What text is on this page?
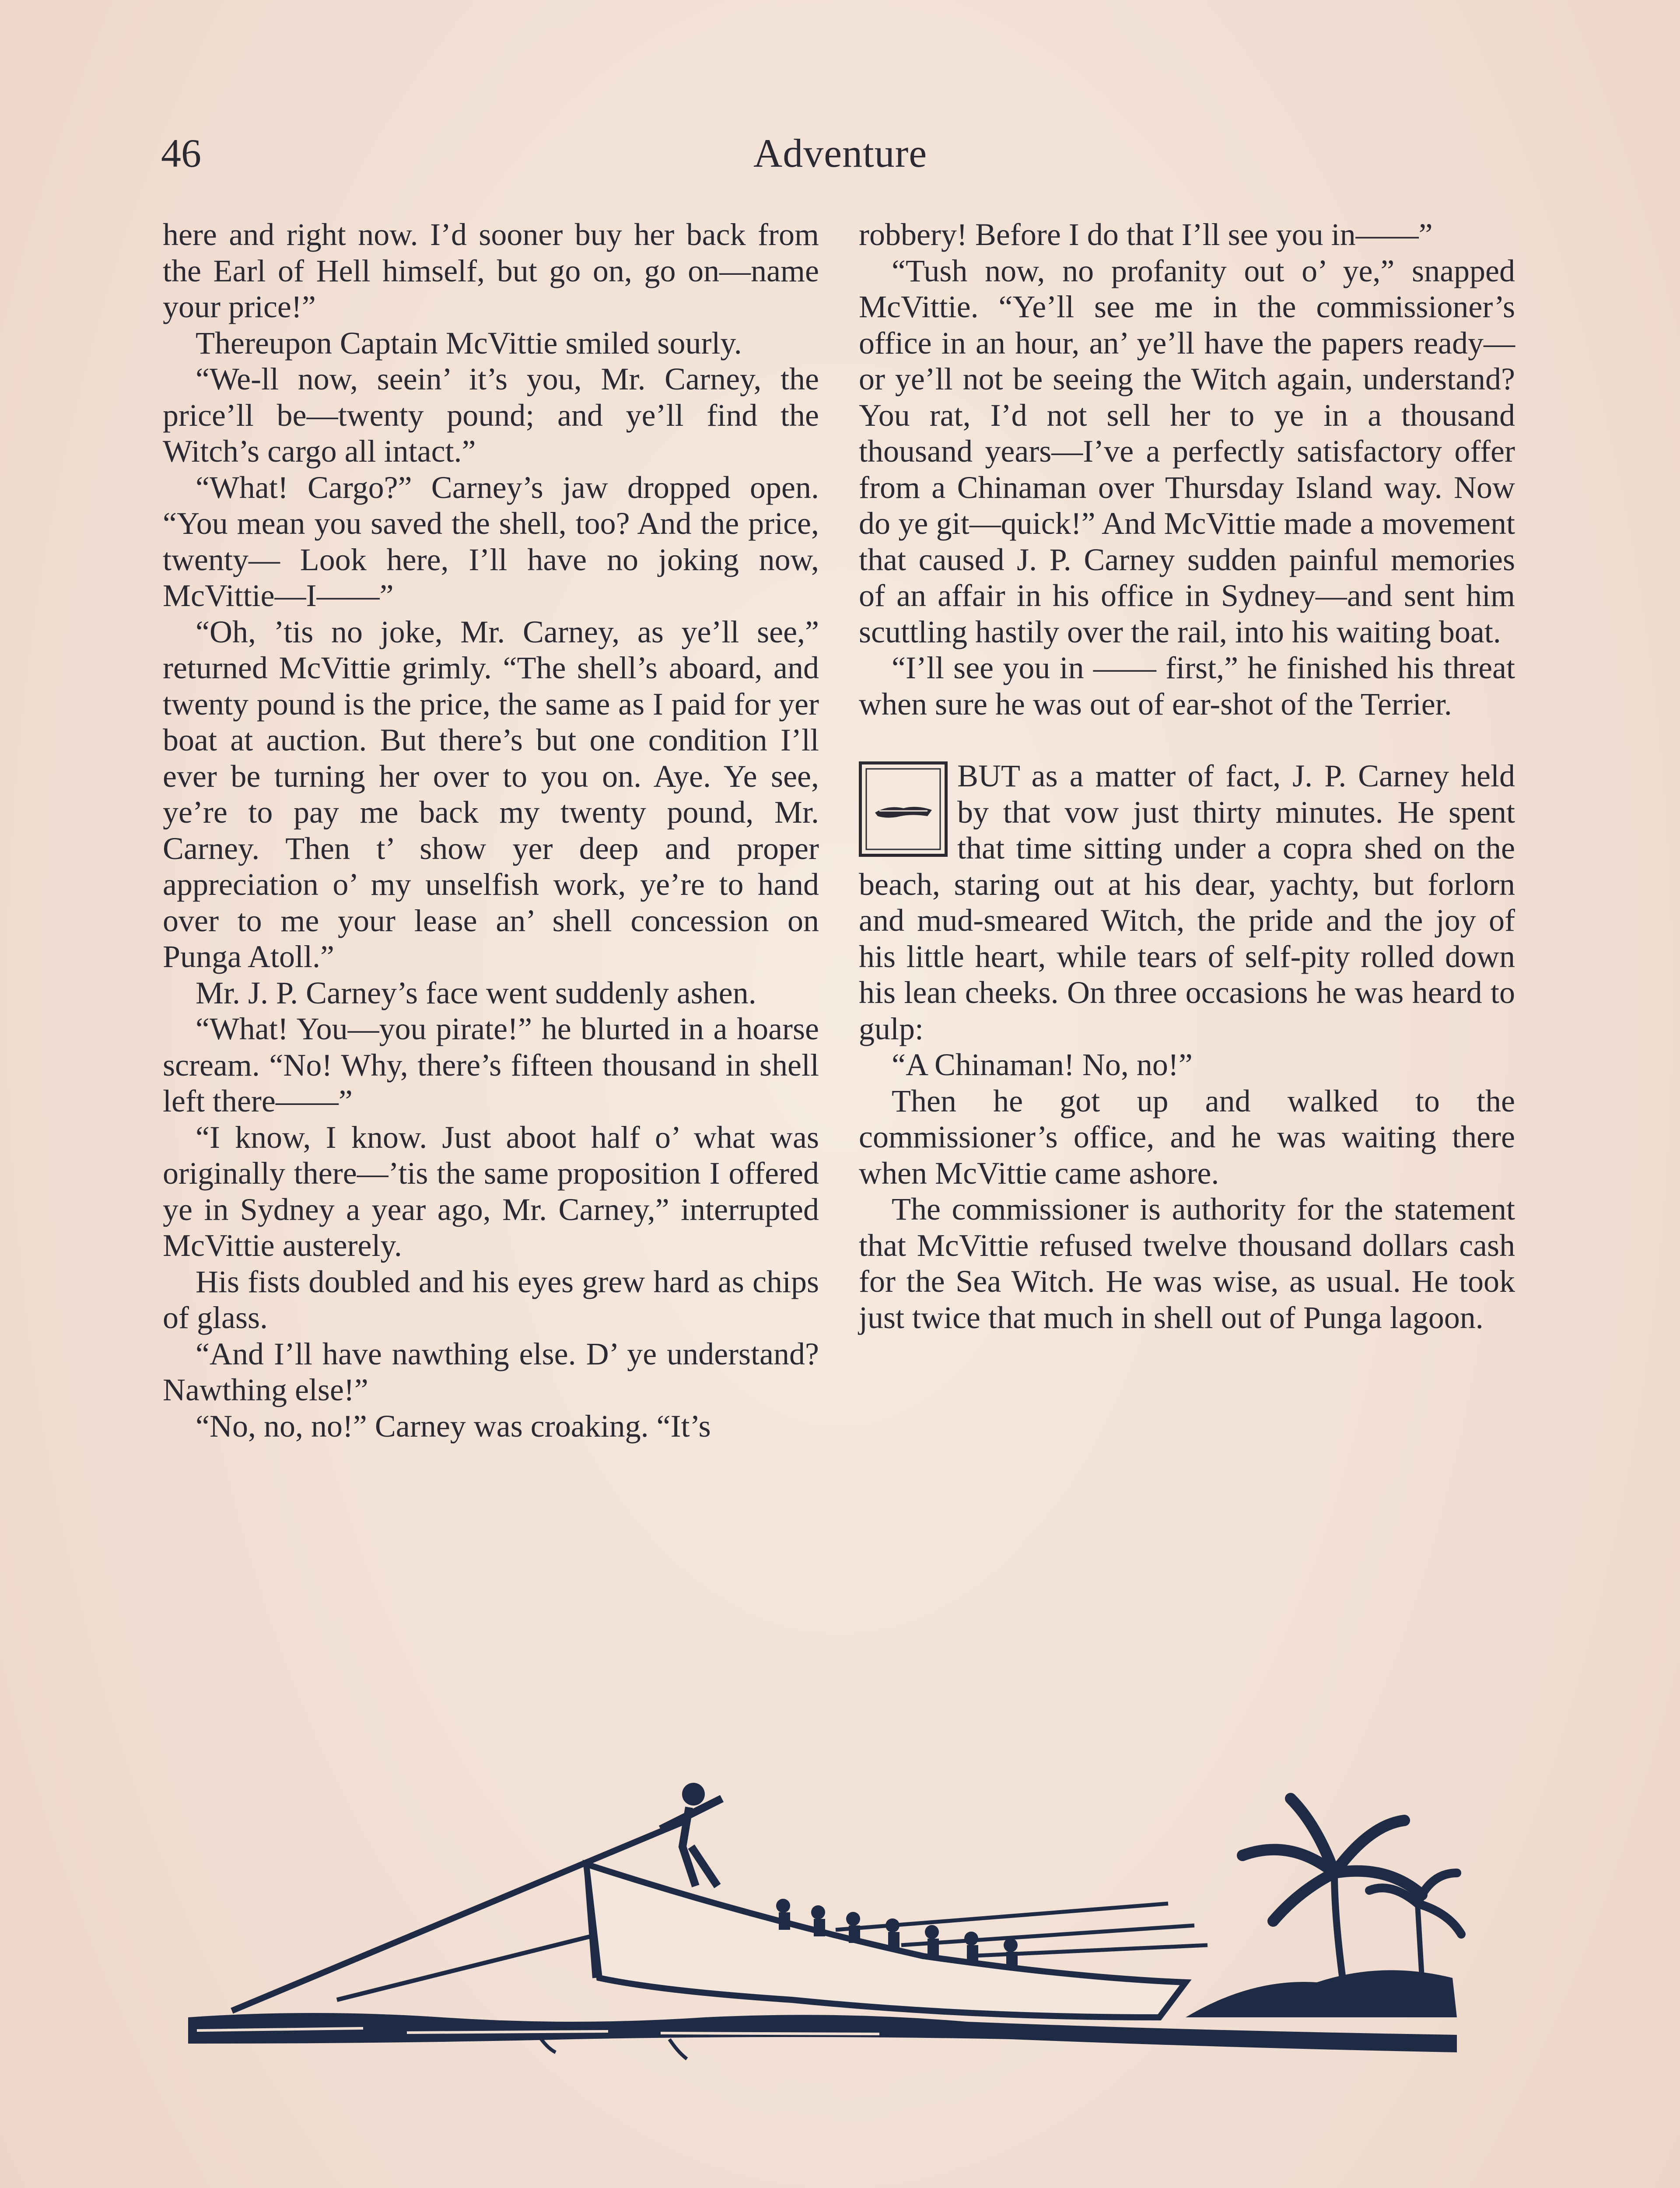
46	Adventure

here and right now. I’d sooner buy her back from the Earl of Hell himself, but go on, go on—name your price!”

Thereupon Captain McVittie smiled sourly.

“We-ll now, seein’ it’s you, Mr. Carney, the price’ll be—twenty pound; and ye’ll find the Witch’s cargo all intact.”

“What! Cargo?” Carney’s jaw dropped open. “You mean you saved the shell, too? And the price, twenty— Look here, I’ll have no joking now, McVittie—I——”

“Oh, ’tis no joke, Mr. Carney, as ye’ll see,” returned McVittie grimly. “The shell’s aboard, and twenty pound is the price, the same as I paid for yer boat at auction. But there’s but one condition I’ll ever be turning her over to you on. Aye. Ye see, ye’re to pay me back my twenty pound, Mr. Carney. Then t’ show yer deep and proper appreciation o’ my unselfish work, ye’re to hand over to me your lease an’ shell concession on Punga Atoll.”

Mr. J. P. Carney’s face went suddenly ashen.

“What! You—you pirate!” he blurted in a hoarse scream. “No! Why, there’s fifteen thousand in shell left there——”

“I know, I know. Just aboot half o’ what was originally there—’tis the same proposition I offered ye in Sydney a year ago, Mr. Carney,” interrupted McVittie austerely.

His fists doubled and his eyes grew hard as chips of glass.

“And I’ll have nawthing else. D’ ye understand? Nawthing else!”

“No, no, no!” Carney was croaking. “It’s

robbery! Before I do that I’ll see you in——”

“Tush now, no profanity out o’ ye,” snapped McVittie. “Ye’ll see me in the commissioner’s office in an hour, an’ ye’ll have the papers ready—or ye’ll not be seeing the Witch again, understand? You rat, I’d not sell her to ye in a thousand thousand years—I’ve a perfectly satisfactory offer from a Chinaman over Thursday Island way. Now do ye git—quick!” And McVittie made a movement that caused J. P. Carney sudden painful memories of an affair in his office in Sydney—and sent him scuttling hastily over the rail, into his waiting boat.

“I’ll see you in —— first,” he finished his threat when sure he was out of ear-shot of the Terrier.

BUT as a matter of fact, J. P. Carney held by that vow just thirty minutes. He spent that time sitting under a copra shed on the beach, staring out at his dear, yachty, but forlorn and mud-smeared Witch, the pride and the joy of his little heart, while tears of self-pity rolled down his lean cheeks. On three occasions he was heard to gulp:

“A Chinaman! No, no!”

Then he got up and walked to the commissioner’s office, and he was waiting there when McVittie came ashore.

The commissioner is authority for the statement that McVittie refused twelve thousand dollars cash for the Sea Witch. He was wise, as usual. He took just twice that much in shell out of Punga lagoon.
